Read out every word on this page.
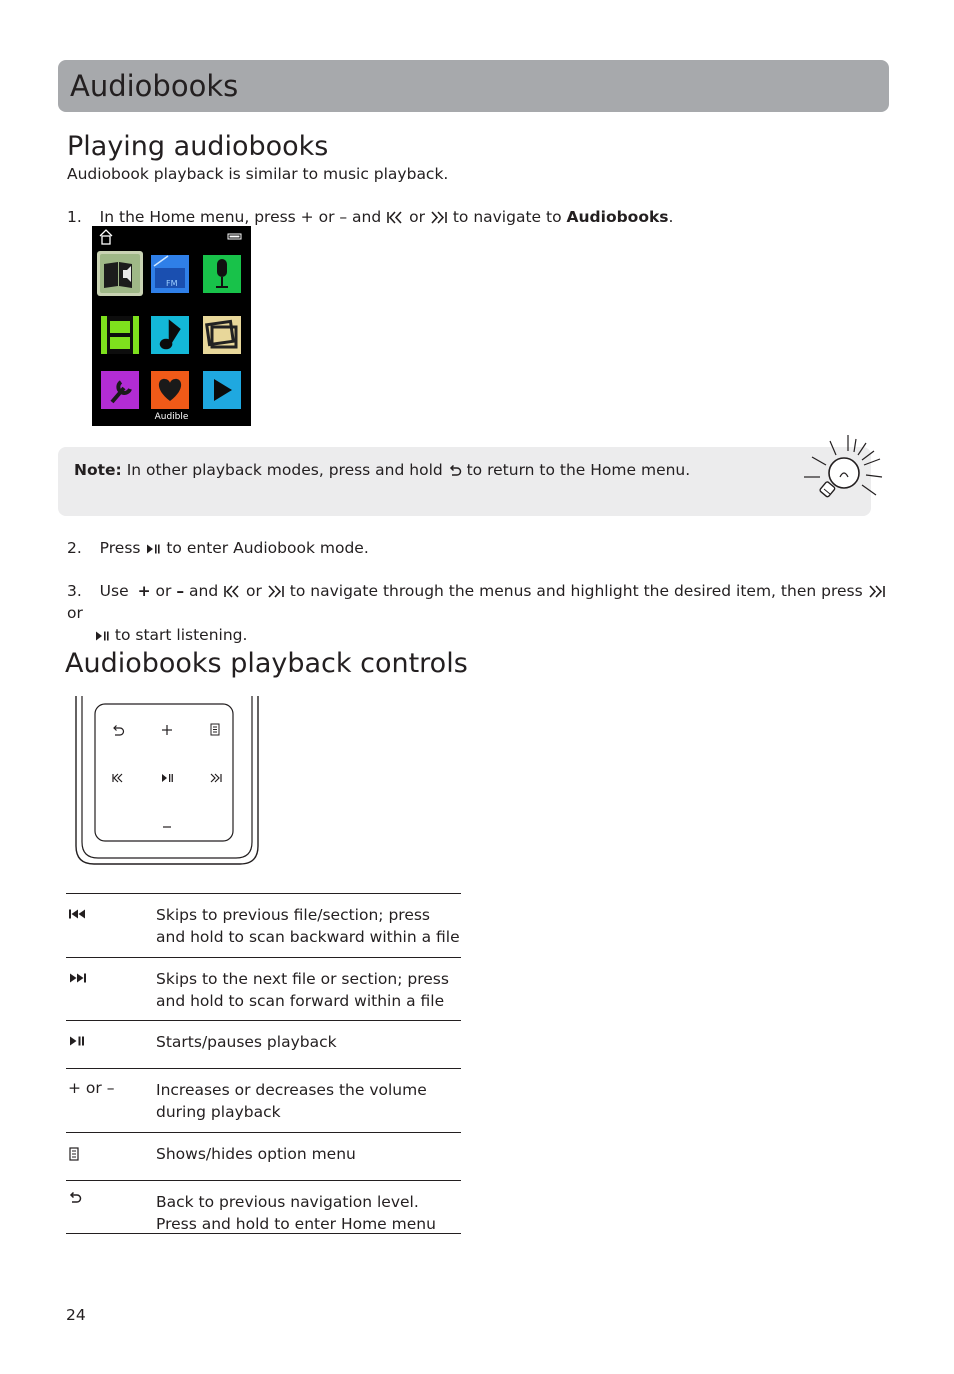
Audiobooks
Playing audiobooks
Audiobook playback is similar to music playback.
1. In the Home menu, press + or – and or to navigate to Audiobooks.
FM
Audible
Note: In other playback modes, press and hold to return to the Home menu.
2. Press to enter Audiobook mode.
3. Use + or – and or to navigate through the menus and highlight the desired item, then press  or
to start listening.
Audiobooks playback controls
Skips to previous file/section; press and hold to scan backward within a file
Skips to the next file or section; press and hold to scan forward within a file
Starts/pauses playback
+ or –	Increases or decreases the volume during playback
Shows/hides option menu
Back to previous navigation level. Press and hold to enter Home menu
24
